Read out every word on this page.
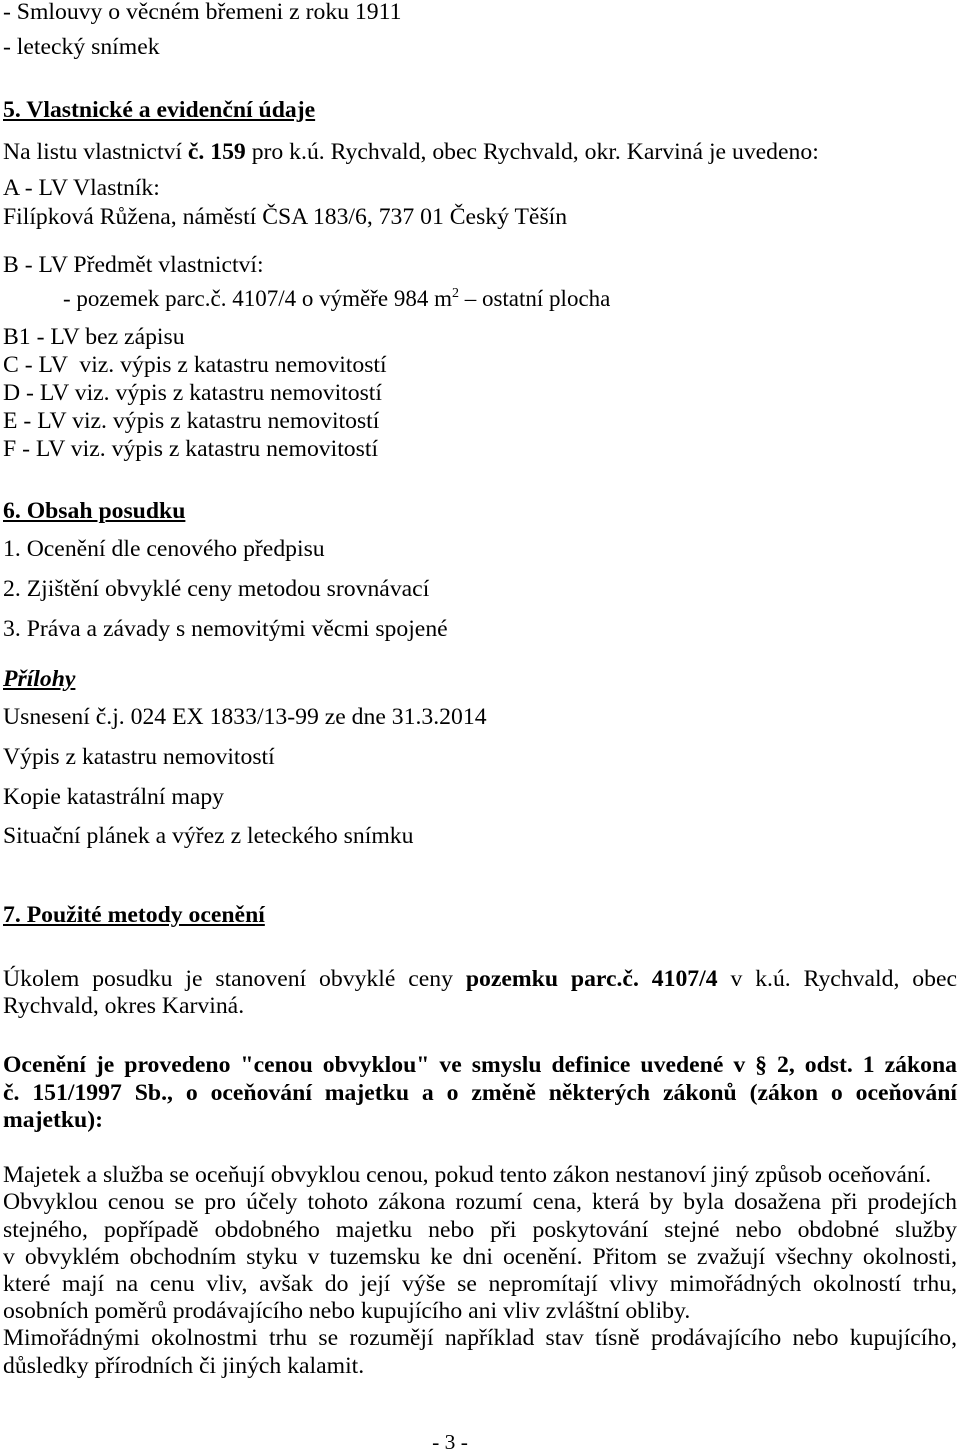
- Smlouvy o věcném břemeni z roku 1911
- letecký snímek
5. Vlastnické a evidenční údaje
Na listu vlastnictví č. 159 pro k.ú. Rychvald, obec Rychvald, okr. Karviná je uvedeno:
A - LV Vlastník:
Filípková Růžena, náměstí ČSA 183/6, 737 01 Český Těšín
B - LV Předmět vlastnictví:
- pozemek parc.č. 4107/4 o výměře 984 $m^2$ – ostatní plocha
B1 - LV bez zápisu
C - LV  viz. výpis z katastru nemovitostí
D - LV viz. výpis z katastru nemovitostí
E - LV viz. výpis z katastru nemovitostí
F - LV viz. výpis z katastru nemovitostí
6. Obsah posudku
1. Ocenění dle cenového předpisu
2. Zjištění obvyklé ceny metodou srovnávací
3. Práva a závady s nemovitými věcmi spojené
Přílohy
Usnesení č.j. 024 EX 1833/13-99 ze dne 31.3.2014
Výpis z katastru nemovitostí
Kopie katastrální mapy
Situační plánek a výřez z leteckého snímku
7. Použité metody ocenění
Úkolem posudku je stanovení obvyklé ceny pozemku parc.č. 4107/4 v k.ú. Rychvald, obec
Rychvald, okres Karviná.
Ocenění je provedeno "cenou obvyklou" ve smyslu definice uvedené v § 2, odst. 1 zákona
č. 151/1997 Sb., o oceňování majetku a o změně některých zákonů (zákon o oceňování
majetku):
Majetek a služba se oceňují obvyklou cenou, pokud tento zákon nestanoví jiný způsob oceňování.
Obvyklou cenou se pro účely tohoto zákona rozumí cena, která by byla dosažena při prodejích
stejného, popřípadě obdobného majetku nebo při poskytování stejné nebo obdobné služby
v obvyklém obchodním styku v tuzemsku ke dni ocenění. Přitom se zvažují všechny okolnosti,
které mají na cenu vliv, avšak do její výše se nepromítají vlivy mimořádných okolností trhu,
osobních poměrů prodávajícího nebo kupujícího ani vliv zvláštní obliby.
Mimořádnými okolnostmi trhu se rozumějí například stav tísně prodávajícího nebo kupujícího,
důsledky přírodních či jiných kalamit.
- 3 -
